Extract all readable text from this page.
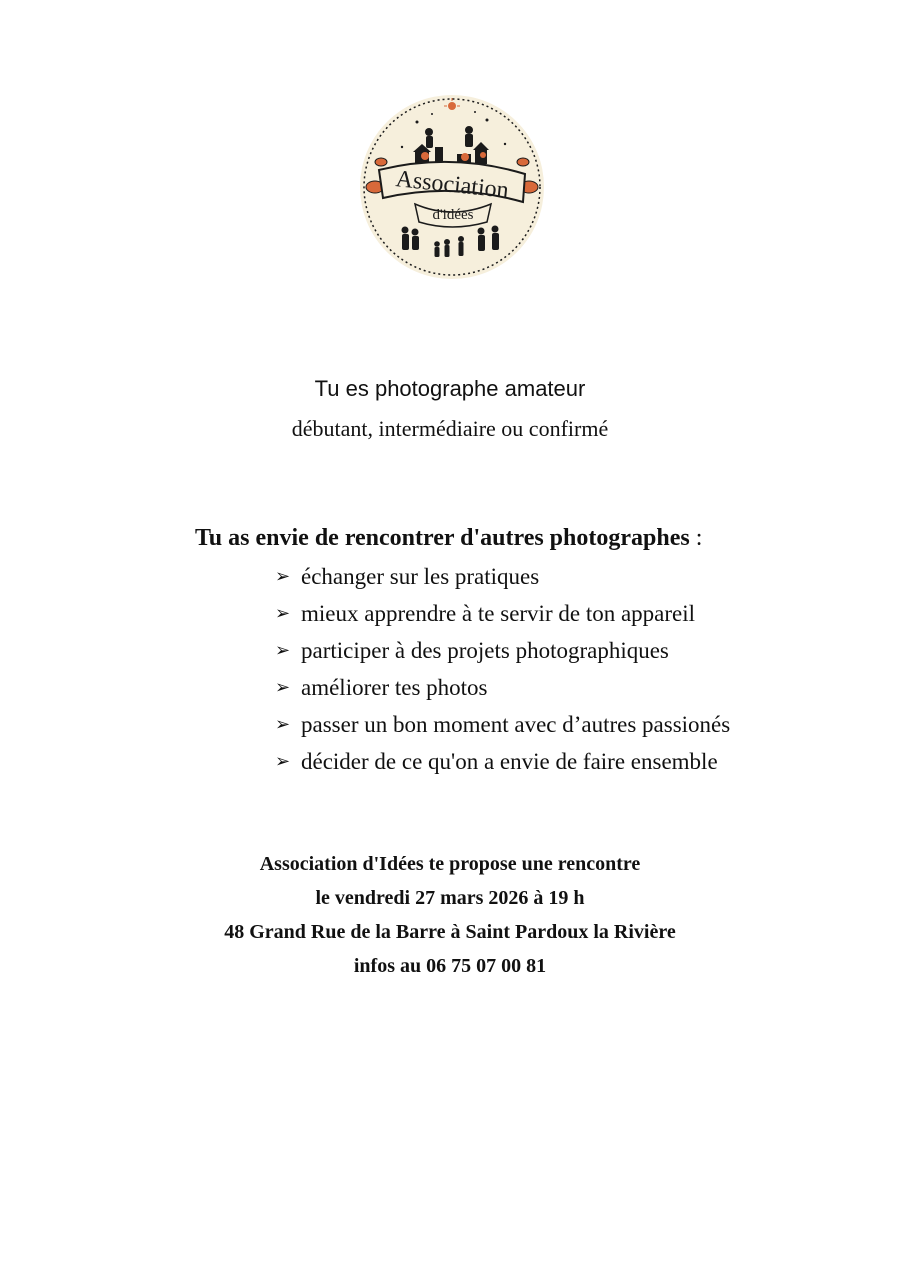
Association
d'idées
Tu es photographe amateur
débutant, intermédiaire ou confirmé
Tu as envie de rencontrer d'autres photographes :
➢ échanger sur les pratiques
➢ mieux apprendre à te servir de ton appareil
➢ participer à des projets photographiques
➢ améliorer tes photos
➢ passer un bon moment avec d’autres passionés
➢ décider de ce qu'on a envie de faire ensemble
Association d'Idées te propose une rencontre
le vendredi 27 mars 2026 à 19 h
48 Grand Rue de la Barre à Saint Pardoux la Rivière
infos au 06 75 07 00 81
